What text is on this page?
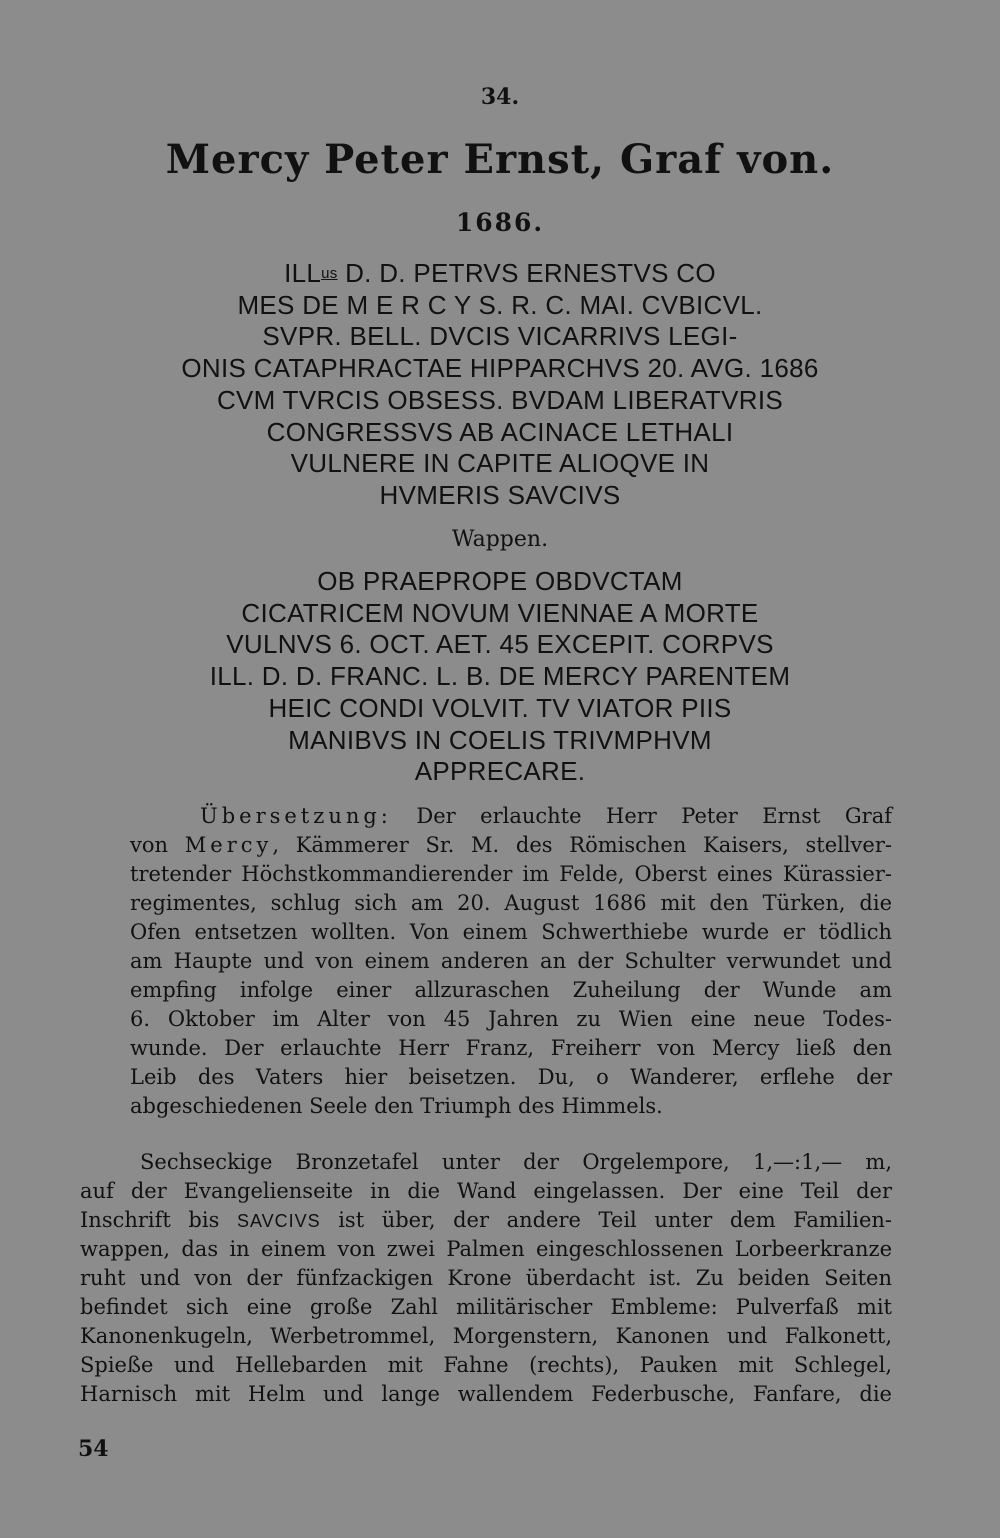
34.
Mercy Peter Ernst, Graf von.
1686.
$ILL^{us}$ D. D. PETRVS ERNESTVS CO
MES DE M E R C Y S. R. C. MAI. CVBICVL.
SVPR. BELL. DVCIS VICARRIVS LEGI-
ONIS CATAPHRACTAE HIPPARCHVS 20. AVG. 1686
CVM TVRCIS OBSESS. BVDAM LIBERATVRIS
CONGRESSVS AB ACINACE LETHALI
VULNERE IN CAPITE ALIOQVE IN
HVMERIS SAVCIVS
Wappen.
OB PRAEPROPE OBDVCTAM
CICATRICEM NOVUM VIENNAE A MORTE
VULNVS 6. OCT. AET. 45 EXCEPIT. CORPVS
ILL. D. D. FRANC. L. B. DE MERCY PARENTEM
HEIC CONDI VOLVIT. TV VIATOR PIIS
MANIBVS IN COELIS TRIVMPHVM
APPRECARE.
Übersetzung: Der erlauchte Herr Peter Ernst Graf
von Mercy, Kämmerer Sr. M. des Römischen Kaisers, stellver-
tretender Höchstkommandierender im Felde, Oberst eines Kürassier-
regimentes, schlug sich am 20. August 1686 mit den Türken, die
Ofen entsetzen wollten. Von einem Schwerthiebe wurde er tödlich
am Haupte und von einem anderen an der Schulter verwundet und
empfing infolge einer allzuraschen Zuheilung der Wunde am
6. Oktober im Alter von 45 Jahren zu Wien eine neue Todes-
wunde. Der erlauchte Herr Franz, Freiherr von Mercy ließ den
Leib des Vaters hier beisetzen. Du, o Wanderer, erflehe der
abgeschiedenen Seele den Triumph des Himmels.
Sechseckige Bronzetafel unter der Orgelempore, 1,—:1,— m,
auf der Evangelienseite in die Wand eingelassen. Der eine Teil der
Inschrift bis SAVCIVS ist über, der andere Teil unter dem Familien-
wappen, das in einem von zwei Palmen eingeschlossenen Lorbeerkranze
ruht und von der fünfzackigen Krone überdacht ist. Zu beiden Seiten
befindet sich eine große Zahl militärischer Embleme: Pulverfaß mit
Kanonenkugeln, Werbetrommel, Morgenstern, Kanonen und Falkonett,
Spieße und Hellebarden mit Fahne (rechts), Pauken mit Schlegel,
Harnisch mit Helm und lange wallendem Federbusche, Fanfare, die
54
